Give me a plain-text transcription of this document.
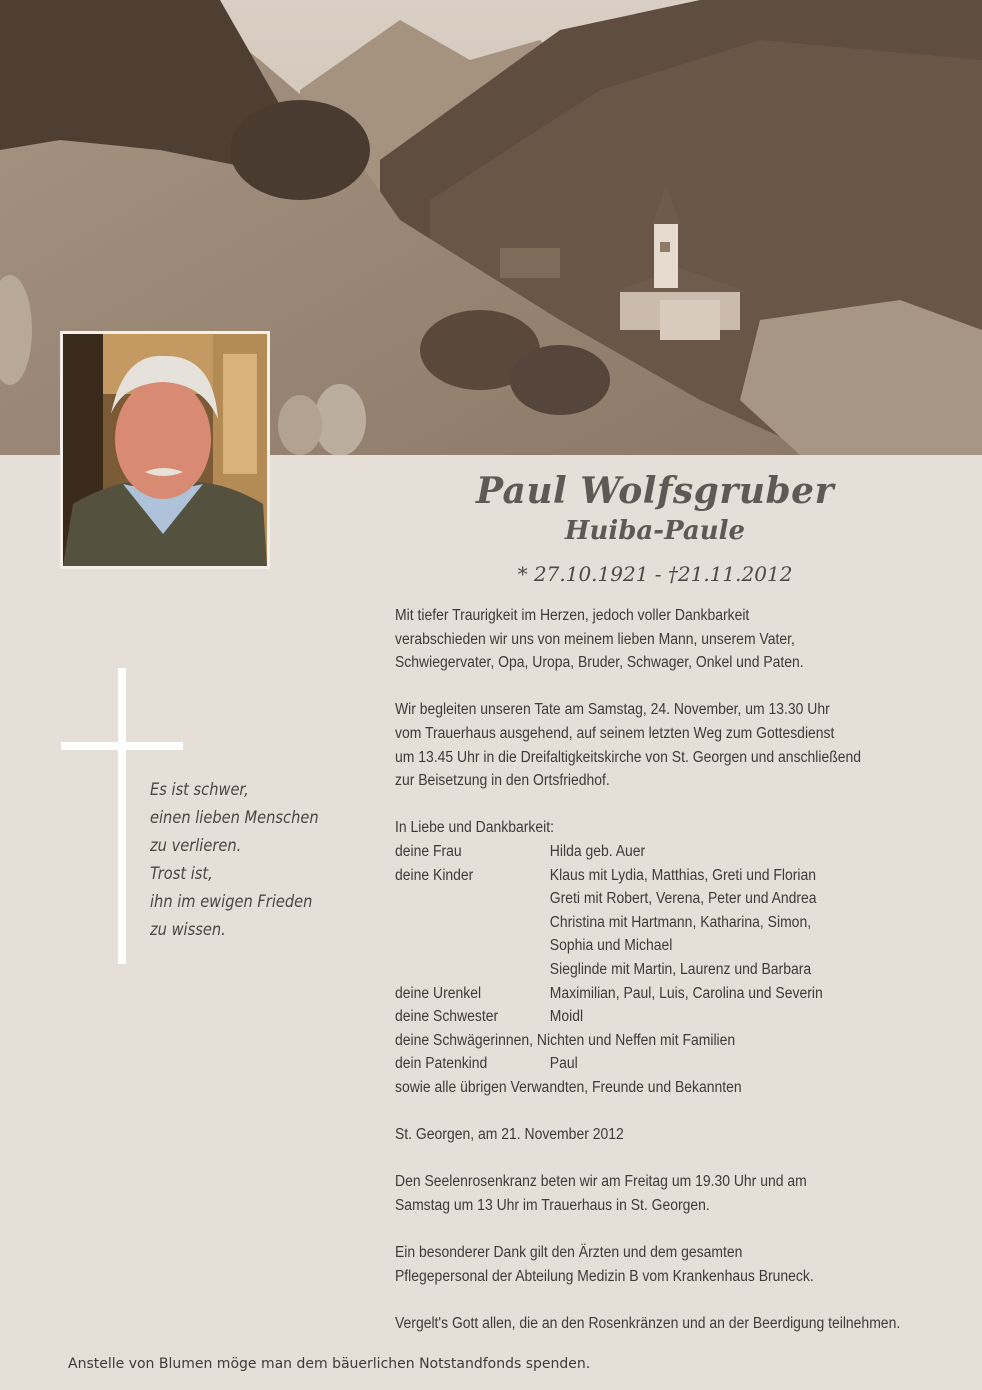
Es ist schwer,
einen lieben Menschen
zu verlieren.
Trost ist,
ihn im ewigen Frieden
zu wissen.
Paul Wolfsgruber
Huiba-Paule
* 27.10.1921 - †21.11.2012
Mit tiefer Traurigkeit im Herzen, jedoch voller Dankbarkeit
verabschieden wir uns von meinem lieben Mann, unserem Vater,
Schwiegervater, Opa, Uropa, Bruder, Schwager, Onkel und Paten.
Wir begleiten unseren Tate am Samstag, 24. November, um 13.30 Uhr
vom Trauerhaus ausgehend, auf seinem letzten Weg zum Gottesdienst
um 13.45 Uhr in die Dreifaltigkeitskirche von St. Georgen und anschließend
zur Beisetzung in den Ortsfriedhof.
In Liebe und Dankbarkeit:
deine Frau	Hilda geb. Auer
deine Kinder	Klaus mit Lydia, Matthias, Greti und Florian
Greti mit Robert, Verena, Peter und Andrea
Christina mit Hartmann, Katharina, Simon,
Sophia und Michael
Sieglinde mit Martin, Laurenz und Barbara
deine Urenkel	Maximilian, Paul, Luis, Carolina und Severin
deine Schwester	Moidl
deine Schwägerinnen, Nichten und Neffen mit Familien
dein Patenkind	Paul
sowie alle übrigen Verwandten, Freunde und Bekannten
St. Georgen, am 21. November 2012
Den Seelenrosenkranz beten wir am Freitag um 19.30 Uhr und am
Samstag um 13 Uhr im Trauerhaus in St. Georgen.
Ein besonderer Dank gilt den Ärzten und dem gesamten
Pflegepersonal der Abteilung Medizin B vom Krankenhaus Bruneck.
Vergelt's Gott allen, die an den Rosenkränzen und an der Beerdigung teilnehmen.
Anstelle von Blumen möge man dem bäuerlichen Notstandfonds spenden.
